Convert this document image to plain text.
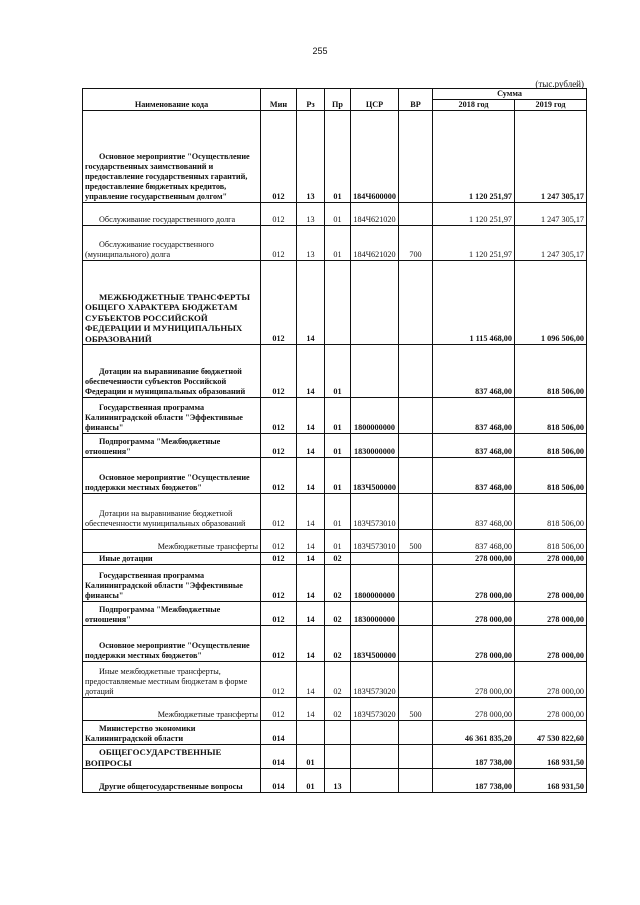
255
(тыс.рублей)
Наименование кода	Мин	Рз	Пр	ЦСР	ВР	Сумма	
						2018 год	2019 год
Основное мероприятие "Осуществление государственных заимствований и предоставление государственных гарантий, предоставление бюджетных кредитов, управление государственным долгом"	012	13	01	184Ч600000		1 120 251,97	1 247 305,17
Обслуживание государственного долга	012	13	01	184Ч621020		1 120 251,97	1 247 305,17
Обслуживание государственного (муниципального) долга	012	13	01	184Ч621020	700	1 120 251,97	1 247 305,17
МЕЖБЮДЖЕТНЫЕ ТРАНСФЕРТЫ ОБЩЕГО ХАРАКТЕРА БЮДЖЕТАМ СУБЪЕКТОВ РОССИЙСКОЙ ФЕДЕРАЦИИ И МУНИЦИПАЛЬНЫХ ОБРАЗОВАНИЙ	012	14				1 115 468,00	1 096 506,00
Дотации на выравнивание бюджетной обеспеченности субъектов Российской Федерации и муниципальных образований	012	14	01			837 468,00	818 506,00
Государственная программа Калининградской области "Эффективные финансы"	012	14	01	1800000000		837 468,00	818 506,00
Подпрограмма "Межбюджетные отношения"	012	14	01	1830000000		837 468,00	818 506,00
Основное мероприятие "Осуществление поддержки местных бюджетов"	012	14	01	183Ч500000		837 468,00	818 506,00
Дотации на выравнивание бюджетной обеспеченности муниципальных образований	012	14	01	183Ч573010		837 468,00	818 506,00
Межбюджетные трансферты	012	14	01	183Ч573010	500	837 468,00	818 506,00
Иные дотации	012	14	02			278 000,00	278 000,00
Государственная программа Калининградской области "Эффективные финансы"	012	14	02	1800000000		278 000,00	278 000,00
Подпрограмма "Межбюджетные отношения"	012	14	02	1830000000		278 000,00	278 000,00
Основное мероприятие "Осуществление поддержки местных бюджетов"	012	14	02	183Ч500000		278 000,00	278 000,00
Иные межбюджетные трансферты, предоставляемые местным бюджетам в форме дотаций	012	14	02	183Ч573020		278 000,00	278 000,00
Межбюджетные трансферты	012	14	02	183Ч573020	500	278 000,00	278 000,00
Министерство экономики Калининградской области	014					46 361 835,20	47 530 822,60
ОБЩЕГОСУДАРСТВЕННЫЕ ВОПРОСЫ	014	01				187 738,00	168 931,50
Другие общегосударственные вопросы	014	01	13			187 738,00	168 931,50
